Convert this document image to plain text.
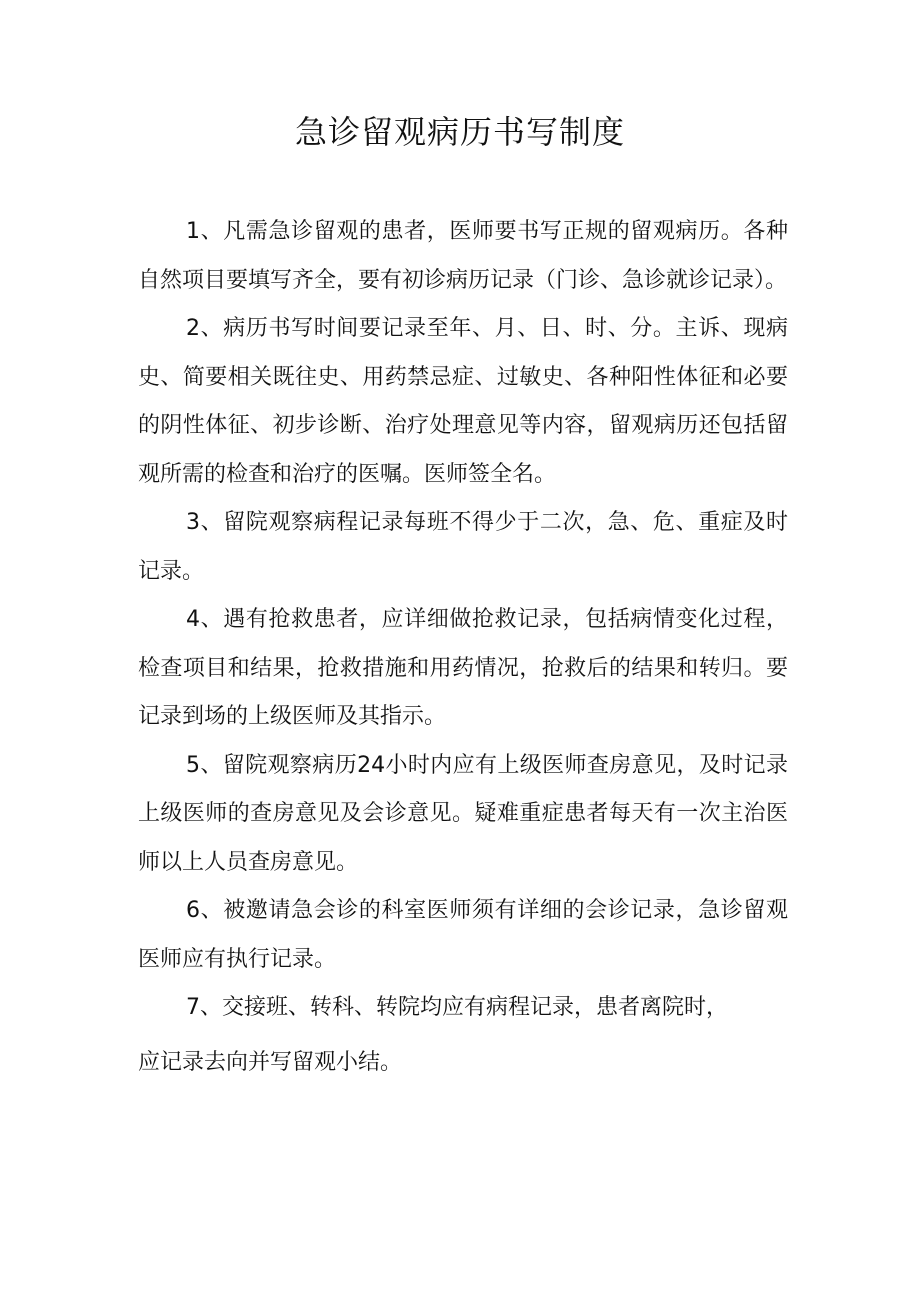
急诊留观病历书写制度

1、凡需急诊留观的患者，医师要书写正规的留观病历。各种自然项目要填写齐全，要有初诊病历记录（门诊、急诊就诊记录）。

2、病历书写时间要记录至年、月、日、时、分。主诉、现病史、简要相关既往史、用药禁忌症、过敏史、各种阳性体征和必要的阴性体征、初步诊断、治疗处理意见等内容，留观病历还包括留观所需的检查和治疗的医嘱。医师签全名。

3、留院观察病程记录每班不得少于二次，急、危、重症及时记录。

4、遇有抢救患者，应详细做抢救记录，包括病情变化过程，检查项目和结果，抢救措施和用药情况，抢救后的结果和转归。要记录到场的上级医师及其指示。

5、留院观察病历24小时内应有上级医师查房意见，及时记录上级医师的查房意见及会诊意见。疑难重症患者每天有一次主治医师以上人员查房意见。

6、被邀请急会诊的科室医师须有详细的会诊记录，急诊留观医师应有执行记录。

7、交接班、转科、转院均应有病程记录，患者离院时，

应记录去向并写留观小结。
